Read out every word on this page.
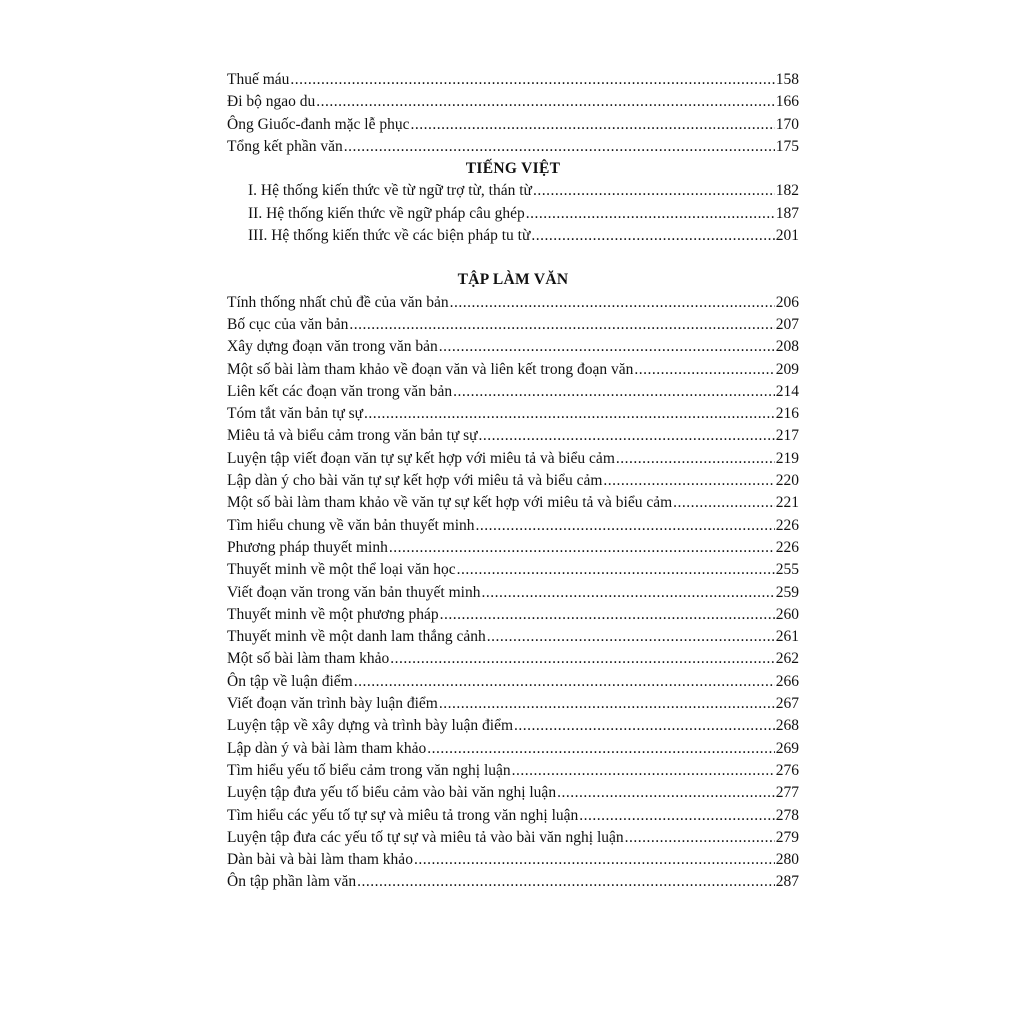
Thuế máu .....	158
Đi bộ ngao du .....	166
Ông Giuốc-đanh mặc lễ phục .....	170
Tổng kết phần văn .....	175
TIẾNG VIỆT
I. Hệ thống kiến thức về từ ngữ trợ từ, thán từ .....	182
II. Hệ thống kiến thức về ngữ pháp câu ghép .....	187
III. Hệ thống kiến thức về các biện pháp tu từ .....	201
TẬP LÀM VĂN
Tính thống nhất chủ đề của văn bản .....	206
Bố cục của văn bản .....	207
Xây dựng đoạn văn trong văn bản .....	208
Một số bài làm tham khảo về đoạn văn và liên kết trong đoạn văn .....	209
Liên kết các đoạn văn trong văn bản .....	214
Tóm tắt văn bản tự sự .....	216
Miêu tả và biểu cảm trong văn bản tự sự .....	217
Luyện tập viết đoạn văn tự sự kết hợp với miêu tả và biểu cảm .....	219
Lập dàn ý cho bài văn tự sự kết hợp với miêu tả và biểu cảm .....	220
Một số bài làm tham khảo về văn tự sự kết hợp với miêu tả và biểu cảm .....	221
Tìm hiểu chung về văn bản thuyết minh .....	226
Phương pháp thuyết minh .....	226
Thuyết minh về một thể loại văn học .....	255
Viết đoạn văn trong văn bản thuyết minh .....	259
Thuyết minh về một phương pháp .....	260
Thuyết minh về một danh lam thắng cảnh .....	261
Một số bài làm tham khảo .....	262
Ôn tập về luận điểm .....	266
Viết đoạn văn trình bày luận điểm .....	267
Luyện tập về xây dựng và trình bày luận điểm .....	268
Lập dàn ý và bài làm tham khảo .....	269
Tìm hiểu yếu tố biểu cảm trong văn nghị luận .....	276
Luyện tập đưa yếu tố biểu cảm vào bài văn nghị luận .....	277
Tìm hiểu các yếu tố tự sự và miêu tả trong văn nghị luận .....	278
Luyện tập đưa các yếu tố tự sự và miêu tả vào bài văn nghị luận .....	279
Dàn bài và bài làm tham khảo .....	280
Ôn tập phần làm văn .....	287
